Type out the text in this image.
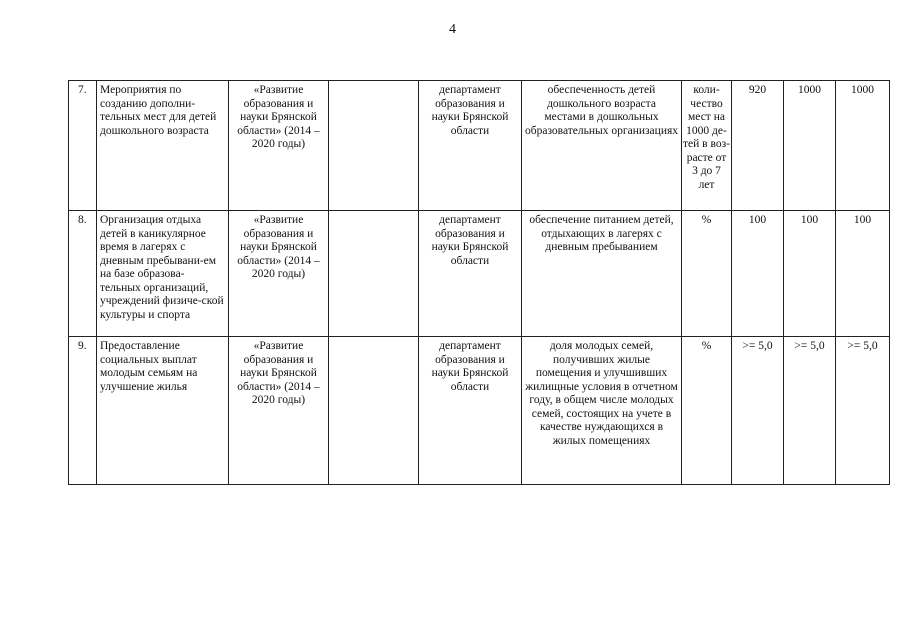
4
7.	Мероприятия по созданию дополни-тельных мест для детей дошкольного возраста	«Развитие образования и науки Брянской области» (2014 – 2020 годы)		департамент образования и науки Брянской области	обеспеченность детей дошкольного возраста местами в дошкольных образовательных организациях	коли-чество мест на 1000 де-тей в воз-расте от 3 до 7 лет	920	1000	1000
8.	Организация отдыха детей в каникулярное время в лагерях с дневным пребывани-ем на базе образова-тельных организаций, учреждений физиче-ской культуры и спорта	«Развитие образования и науки Брянской области» (2014 – 2020 годы)		департамент образования и науки Брянской области	обеспечение питанием детей, отдыхающих в лагерях с дневным пребыванием	%	100	100	100
9.	Предоставление социальных выплат молодым семьям на улучшение жилья	«Развитие образования и науки Брянской области» (2014 – 2020 годы)		департамент образования и науки Брянской области	доля молодых семей, получивших жилые помещения и улучшивших жилищные условия в отчетном году, в общем числе молодых семей, состоящих на учете в качестве нуждающихся в жилых помещениях	%	>= 5,0	>= 5,0	>= 5,0
